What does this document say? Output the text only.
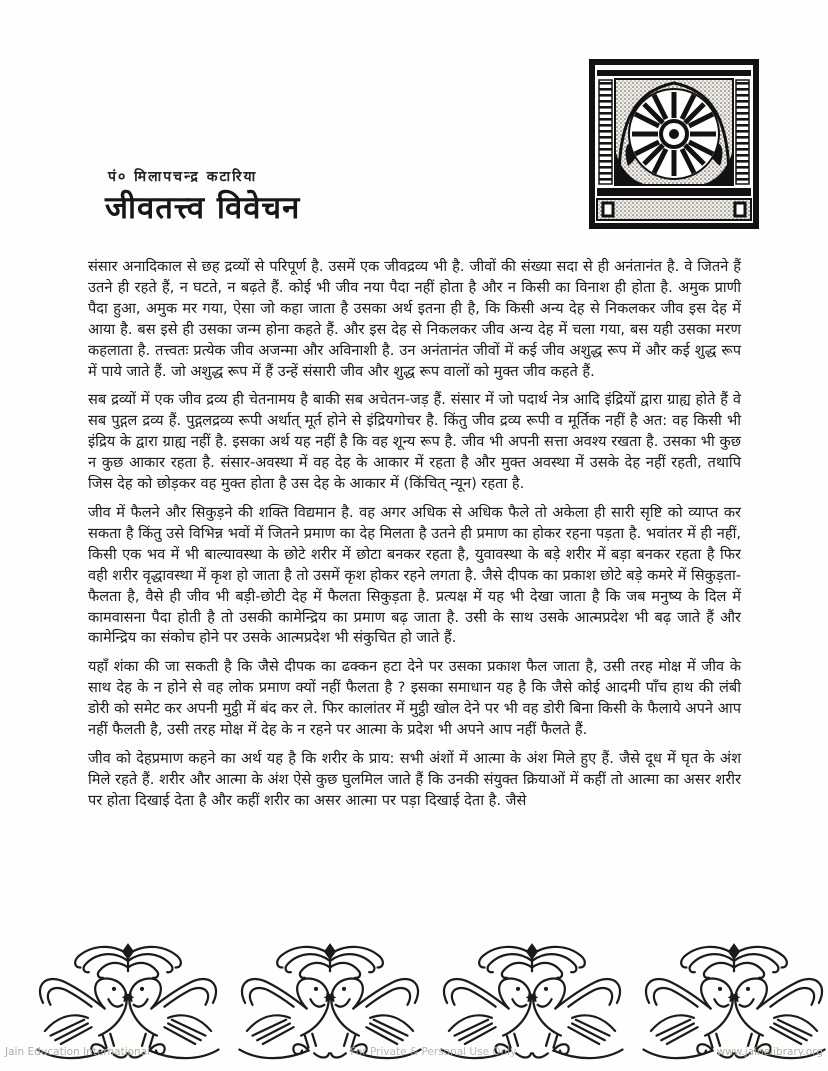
पं० मिलापचन्द्र कटारिया
जीवतत्त्व विवेचन

संसार अनादिकाल से छह द्रव्यों से परिपूर्ण है. उसमें एक जीवद्रव्य भी है. जीवों की संख्या सदा से ही अनंतानंत है. वे जितने हैं उतने ही रहते हैं, न घटते, न बढ़ते हैं. कोई भी जीव नया पैदा नहीं होता है और न किसी का विनाश ही होता है. अमुक प्राणी पैदा हुआ, अमुक मर गया, ऐसा जो कहा जाता है उसका अर्थ इतना ही है, कि किसी अन्य देह से निकलकर जीव इस देह में आया है. बस इसे ही उसका जन्म होना कहते हैं. और इस देह से निकलकर जीव अन्य देह में चला गया, बस यही उसका मरण कहलाता है. तत्त्वतः प्रत्येक जीव अजन्मा और अविनाशी है. उन अनंतानंत जीवों में कई जीव अशुद्ध रूप में और कई शुद्ध रूप में पाये जाते हैं. जो अशुद्ध रूप में हैं उन्हें संसारी जीव और शुद्ध रूप वालों को मुक्त जीव कहते हैं.

सब द्रव्यों में एक जीव द्रव्य ही चेतनामय है बाकी सब अचेतन-जड़ हैं. संसार में जो पदार्थ नेत्र आदि इंद्रियों द्वारा ग्राह्य होते हैं वे सब पुद्गल द्रव्य हैं. पुद्गलद्रव्य रूपी अर्थात् मूर्त होने से इंद्रियगोचर है. किंतु जीव द्रव्य रूपी व मूर्तिक नहीं है अत: वह किसी भी इंद्रिय के द्वारा ग्राह्य नहीं है. इसका अर्थ यह नहीं है कि वह शून्य रूप है. जीव भी अपनी सत्ता अवश्य रखता है. उसका भी कुछ न कुछ आकार रहता है. संसार-अवस्था में वह देह के आकार में रहता है और मुक्त अवस्था में उसके देह नहीं रहती, तथापि जिस देह को छोड़कर वह मुक्त होता है उस देह के आकार में (किंचित् न्यून) रहता है.

जीव में फैलने और सिकुड़ने की शक्ति विद्यमान है. वह अगर अधिक से अधिक फैले तो अकेला ही सारी सृष्टि को व्याप्त कर सकता है किंतु उसे विभिन्न भवों में जितने प्रमाण का देह मिलता है उतने ही प्रमाण का होकर रहना पड़ता है. भवांतर में ही नहीं, किसी एक भव में भी बाल्यावस्था के छोटे शरीर में छोटा बनकर रहता है, युवावस्था के बड़े शरीर में बड़ा बनकर रहता है फिर वही शरीर वृद्धावस्था में कृश हो जाता है तो उसमें कृश होकर रहने लगता है. जैसे दीपक का प्रकाश छोटे बड़े कमरे में सिकुड़ता-फैलता है, वैसे ही जीव भी बड़ी-छोटी देह में फैलता सिकुड़ता है. प्रत्यक्ष में यह भी देखा जाता है कि जब मनुष्य के दिल में कामवासना पैदा होती है तो उसकी कामेन्द्रिय का प्रमाण बढ़ जाता है. उसी के साथ उसके आत्मप्रदेश भी बढ़ जाते हैं और कामेन्द्रिय का संकोच होने पर उसके आत्मप्रदेश भी संकुचित हो जाते हैं.

यहाँ शंका की जा सकती है कि जैसे दीपक का ढक्कन हटा देने पर उसका प्रकाश फैल जाता है, उसी तरह मोक्ष में जीव के साथ देह के न होने से वह लोक प्रमाण क्यों नहीं फैलता है ? इसका समाधान यह है कि जैसे कोई आदमी पाँच हाथ की लंबी डोरी को समेट कर अपनी मुट्ठी में बंद कर ले. फिर कालांतर में मुट्ठी खोल देने पर भी वह डोरी बिना किसी के फैलाये अपने आप नहीं फैलती है, उसी तरह मोक्ष में देह के न रहने पर आत्मा के प्रदेश भी अपने आप नहीं फैलते हैं.

जीव को देहप्रमाण कहने का अर्थ यह है कि शरीर के प्राय: सभी अंशों में आत्मा के अंश मिले हुए हैं. जैसे दूध में घृत के अंश मिले रहते हैं. शरीर और आत्मा के अंश ऐसे कुछ घुलमिल जाते हैं कि उनकी संयुक्त क्रियाओं में कहीं तो आत्मा का असर शरीर पर होता दिखाई देता है और कहीं शरीर का असर आत्मा पर पड़ा दिखाई देता है. जैसे

Jain Education International	For Private & Personal Use Only	www.jainelibrary.org
